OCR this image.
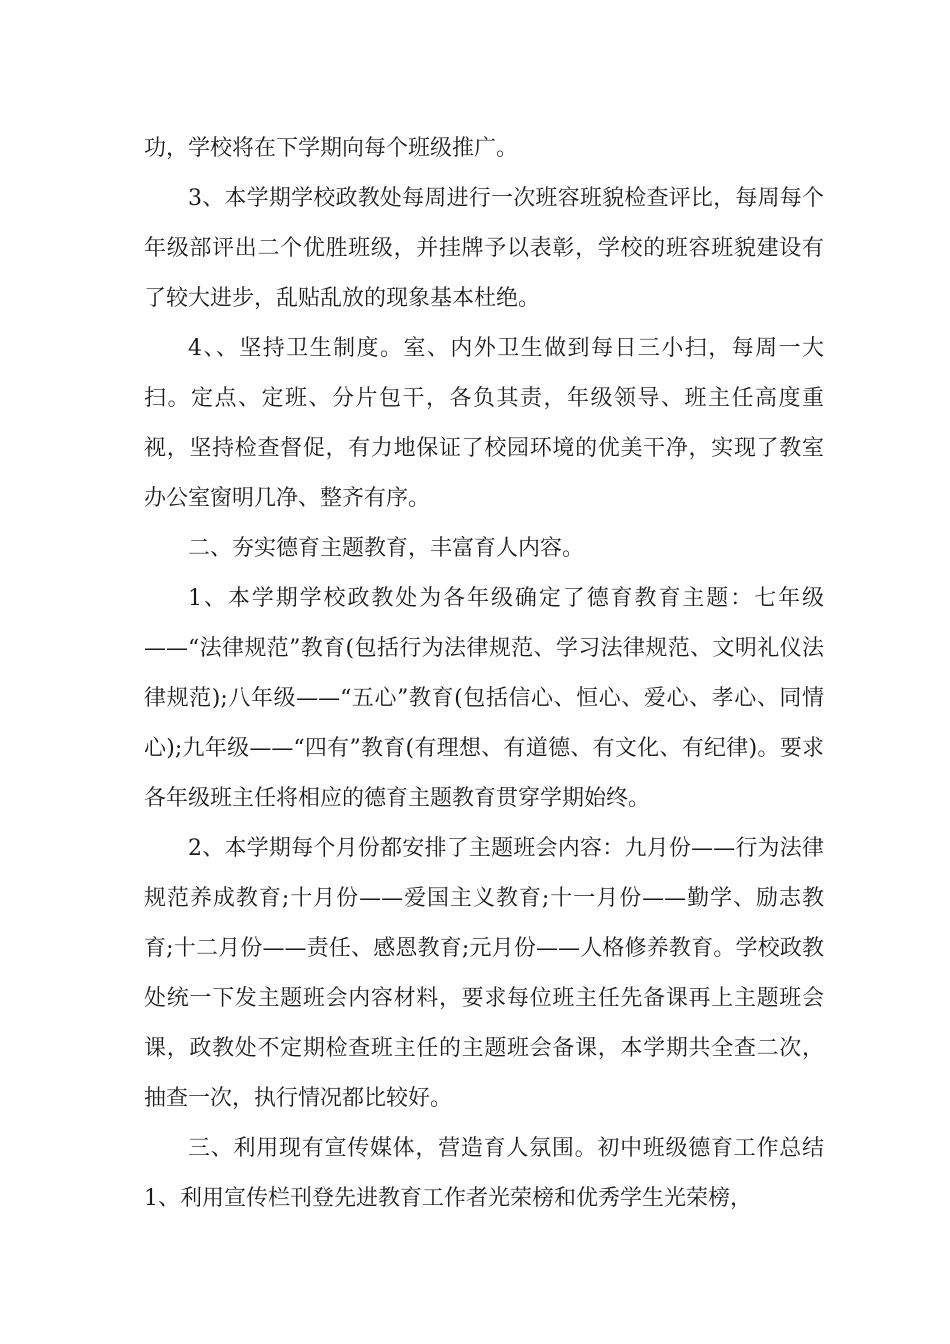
功，学校将在下学期向每个班级推广。

3、本学期学校政教处每周进行一次班容班貌检查评比，每周每个年级部评出二个优胜班级，并挂牌予以表彰，学校的班容班貌建设有了较大进步，乱贴乱放的现象基本杜绝。

4、、坚持卫生制度。室、内外卫生做到每日三小扫，每周一大扫。定点、定班、分片包干，各负其责，年级领导、班主任高度重视，坚持检查督促，有力地保证了校园环境的优美干净，实现了教室办公室窗明几净、整齐有序。

二、夯实德育主题教育，丰富育人内容。

1、本学期学校政教处为各年级确定了德育教育主题：七年级——“法律规范”教育(包括行为法律规范、学习法律规范、文明礼仪法律规范);八年级——“五心”教育(包括信心、恒心、爱心、孝心、同情心);九年级——“四有”教育(有理想、有道德、有文化、有纪律)。要求各年级班主任将相应的德育主题教育贯穿学期始终。

2、本学期每个月份都安排了主题班会内容：九月份——行为法律规范养成教育;十月份——爱国主义教育;十一月份——勤学、励志教育;十二月份——责任、感恩教育;元月份——人格修养教育。学校政教处统一下发主题班会内容材料，要求每位班主任先备课再上主题班会课，政教处不定期检查班主任的主题班会备课，本学期共全查二次，抽查一次，执行情况都比较好。

三、利用现有宣传媒体，营造育人氛围。初中班级德育工作总结1、利用宣传栏刊登先进教育工作者光荣榜和优秀学生光荣榜，
